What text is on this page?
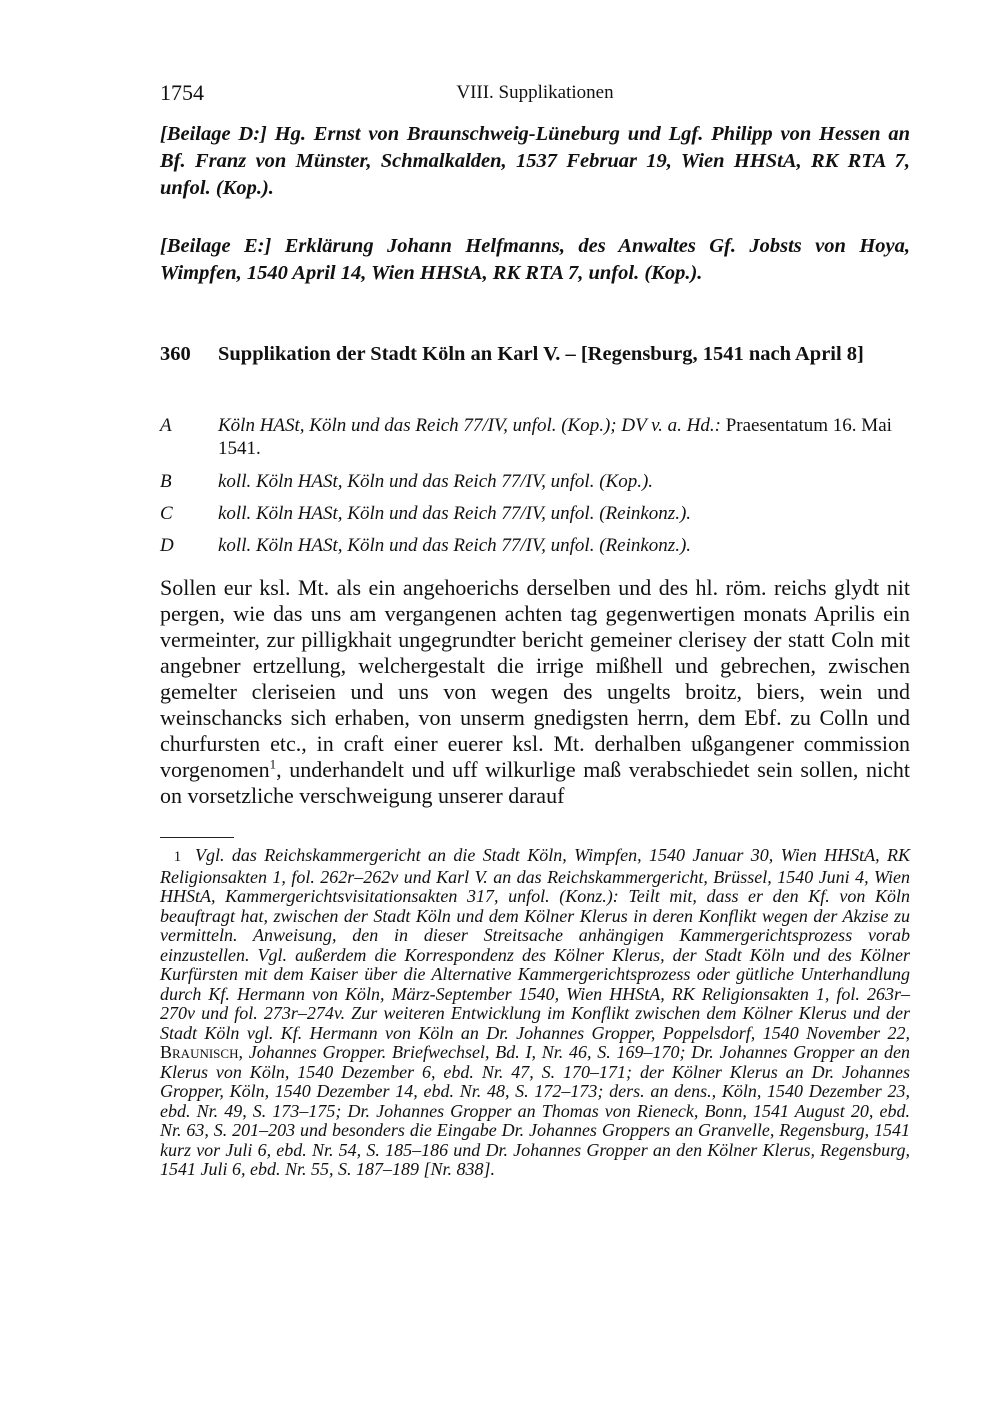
1754	VIII. Supplikationen

[Beilage D:] Hg. Ernst von Braunschweig-Lüneburg und Lgf. Philipp von Hessen an Bf. Franz von Münster, Schmalkalden, 1537 Februar 19, Wien HHStA, RK RTA 7, unfol. (Kop.).

[Beilage E:] Erklärung Johann Helfmanns, des Anwaltes Gf. Jobsts von Hoya, Wimpfen, 1540 April 14, Wien HHStA, RK RTA 7, unfol. (Kop.).

360 Supplikation der Stadt Köln an Karl V. – [Regensburg, 1541 nach April 8]
A Köln HASt, Köln und das Reich 77/IV, unfol. (Kop.); DV v. a. Hd.: Praesentatum 16. Mai 1541.
B koll. Köln HASt, Köln und das Reich 77/IV, unfol. (Kop.).
C koll. Köln HASt, Köln und das Reich 77/IV, unfol. (Reinkonz.).
D koll. Köln HASt, Köln und das Reich 77/IV, unfol. (Reinkonz.).

Sollen eur ksl. Mt. als ein angehoerichs derselben und des hl. röm. reichs glydt nit pergen, wie das uns am vergangenen achten tag gegenwertigen monats Aprilis ein vermeinter, zur pilligkhait ungegrundter bericht gemeiner clerisey der statt Coln mit angebner ertzellung, welchergestalt die irrige mißhell und gebrechen, zwischen gemelter cleriseien und uns von wegen des ungelts broitz, biers, wein und weinschancks sich erhaben, von unserm gnedigsten herrn, dem Ebf. zu Colln und churfursten etc., in craft einer euerer ksl. Mt. derhalben ußgangener commission vorgenomen$^1$, underhandelt und uff wilkurlige maß verabschiedet sein sollen, nicht on vorsetzliche verschweigung unserer darauf

1 Vgl. das Reichskammergericht an die Stadt Köln, Wimpfen, 1540 Januar 30, Wien HHStA, RK Religionsakten 1, fol. 262r–262v und Karl V. an das Reichskammergericht, Brüssel, 1540 Juni 4, Wien HHStA, Kammergerichtsvisitationsakten 317, unfol. (Konz.): Teilt mit, dass er den Kf. von Köln beauftragt hat, zwischen der Stadt Köln und dem Kölner Klerus in deren Konflikt wegen der Akzise zu vermitteln. Anweisung, den in dieser Streitsache anhängigen Kammergerichtsprozess vorab einzustellen. Vgl. außerdem die Korrespondenz des Kölner Klerus, der Stadt Köln und des Kölner Kurfürsten mit dem Kaiser über die Alternative Kammergerichtsprozess oder gütliche Unterhandlung durch Kf. Hermann von Köln, März-September 1540, Wien HHStA, RK Religionsakten 1, fol. 263r–270v und fol. 273r–274v. Zur weiteren Entwicklung im Konflikt zwischen dem Kölner Klerus und der Stadt Köln vgl. Kf. Hermann von Köln an Dr. Johannes Gropper, Poppelsdorf, 1540 November 22, Braunisch, Johannes Gropper. Briefwechsel, Bd. I, Nr. 46, S. 169–170; Dr. Johannes Gropper an den Klerus von Köln, 1540 Dezember 6, ebd. Nr. 47, S. 170–171; der Kölner Klerus an Dr. Johannes Gropper, Köln, 1540 Dezember 14, ebd. Nr. 48, S. 172–173; ders. an dens., Köln, 1540 Dezember 23, ebd. Nr. 49, S. 173–175; Dr. Johannes Gropper an Thomas von Rieneck, Bonn, 1541 August 20, ebd. Nr. 63, S. 201–203 und besonders die Eingabe Dr. Johannes Groppers an Granvelle, Regensburg, 1541 kurz vor Juli 6, ebd. Nr. 54, S. 185–186 und Dr. Johannes Gropper an den Kölner Klerus, Regensburg, 1541 Juli 6, ebd. Nr. 55, S. 187–189 [Nr. 838].
